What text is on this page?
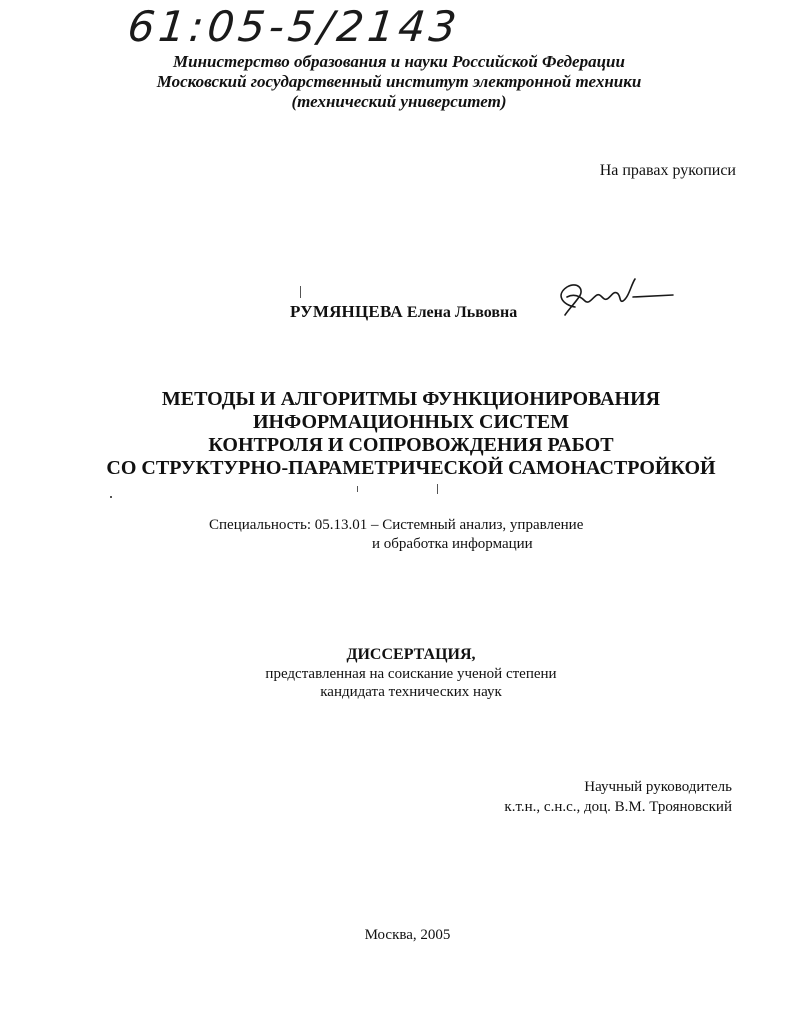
61:05-5/2143
Министерство образования и науки Российской Федерации
Московский государственный институт электронной техники
(технический университет)
На правах рукописи
РУМЯНЦЕВА Елена Львовна
МЕТОДЫ И АЛГОРИТМЫ ФУНКЦИОНИРОВАНИЯ
ИНФОРМАЦИОННЫХ СИСТЕМ
КОНТРОЛЯ И СОПРОВОЖДЕНИЯ РАБОТ
СО СТРУКТУРНО-ПАРАМЕТРИЧЕСКОЙ САМОНАСТРОЙКОЙ
Специальность: 05.13.01 – Системный анализ, управление
и обработка информации
ДИССЕРТАЦИЯ,
представленная на соискание ученой степени
кандидата технических наук
Научный руководитель
к.т.н., с.н.с., доц. В.М. Трояновский
Москва, 2005
